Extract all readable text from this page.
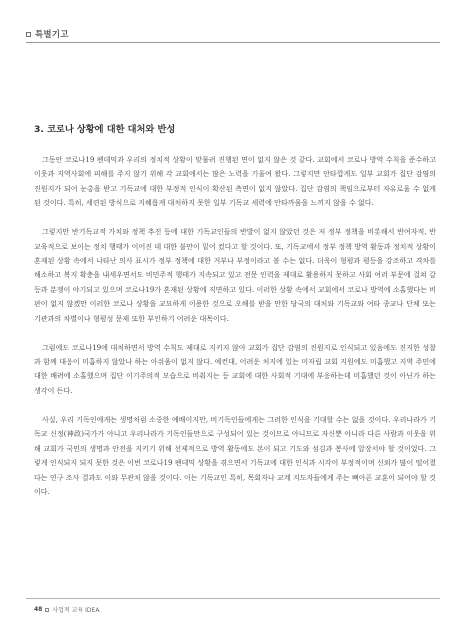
특별기고
3. 코로나 상황에 대한 대처와 반성

그동안 코로나19 팬데믹과 우리의 정치적 상황이 맞물려 진행된 면이 없지 않은 것 같다. 교회에서 코로나 방역 수칙을 준수하고 이웃과 지역사회에 피해를 주지 않기 위해 각 교회에서는 많은 노력을 기울여 왔다. 그렇지만 안타깝게도 일부 교회가 집단 감염의 진원지가 되어 눈총을 받고 기독교에 대한 부정적 인식이 확산된 측면이 없지 않았다. 집단 감염의 책임으로부터 자유로울 수 없게 된 것이다. 특히, 세련된 방식으로 지혜롭게 대처하지 못한 일부 기독교 세력에 안타까움을 느끼지 않을 수 없다.

그렇지만 반기독교적 가치와 정책 추진 등에 대한 기독교인들의 반발이 없지 않았던 것은 저 정부 정책을 비롯해서 반여자적, 반교육적으로 보이는 정치 행태가 이어진 데 대한 불만이 밑어 컸다고 할 것이다. 또, 기독교에서 정부 정책 방역 활동과 정치적 상황이 혼재된 상황 속에서 나타난 의사 표시가 정부 정책에 대한 거부나 부정이라고 볼 수는 없다. 더욱이 형평과 평등을 강조하고 격차를 해소하고 복지 확충을 내세우면서도 비민주적 행태가 지속되고 있고 전문 인력을 제대로 활용하지 못하고 사회 여러 부문에 걸쳐 갈등과 분쟁이 야기되고 있으며 코로나19가 혼재된 상황에 직면하고 있다. 이러한 상황 속에서 교회에서 코로나 방역에 소홀했다는 비판이 없지 않겠만 이러한 코로나 상황을 교묘하게 이용한 것으로 오해를 받을 만한 당국의 대처와 기독교와 여타 종교나 단체 또는 기관과의 차별이나 형평성 문제 또한 부인하기 어려운 대목이다.

그럼에도 코로나19에 대처하면서 방역 수칙도 제대로 지키지 않아 교회가 집단 감염의 진원지로 인식되고 있음에도 진지한 성찰과 함께 대응이 미흡하지 않았나 하는 아쉬움이 없지 않다. 예컨대, 어려운 처지에 있는 미자립 교회 지원에도 미흡했고 지역 주민에 대한 배려에 소홀했으며 집단 이기주의적 모습으로 비춰지는 등 교회에 대한 사회적 기대에 부응하는데 미흡했던 것이 아닌가 하는 생각이 든다.

사실, 우리 기독인에게는 생명처럼 소중한 예배이지만, 비기독인들에게는 그러한 인식을 기대할 수는 없을 것이다. 우리나라가 기독교 신정(神政)국가가 아니고 우리나라가 기독인들만으로 구성되어 있는 것이므로 아니므로 자신뿐 아니라 다른 사람과 이웃을 위해 교회가 국민의 생명과 안전을 지키기 위해 선제적으로 방역 활동에도 본이 되고 기도와 섬김과 봉사에 앞장서야 할 것이었다. 그렇게 인식되지 되지 못한 것은 이번 코로나19 팬데믹 상황을 겪으면서 기독교에 대한 인식과 시각이 부정적이며 신뢰가 많이 떨어졌다는 연구 조사 결과도 이와 무관치 않을 것이다. 이는 기독교인 특히, 목회자나 교계 지도자들에게 주는 뼈아픈 교훈이 되어야 할 것이다.

48 사업적 교육 IDEA
